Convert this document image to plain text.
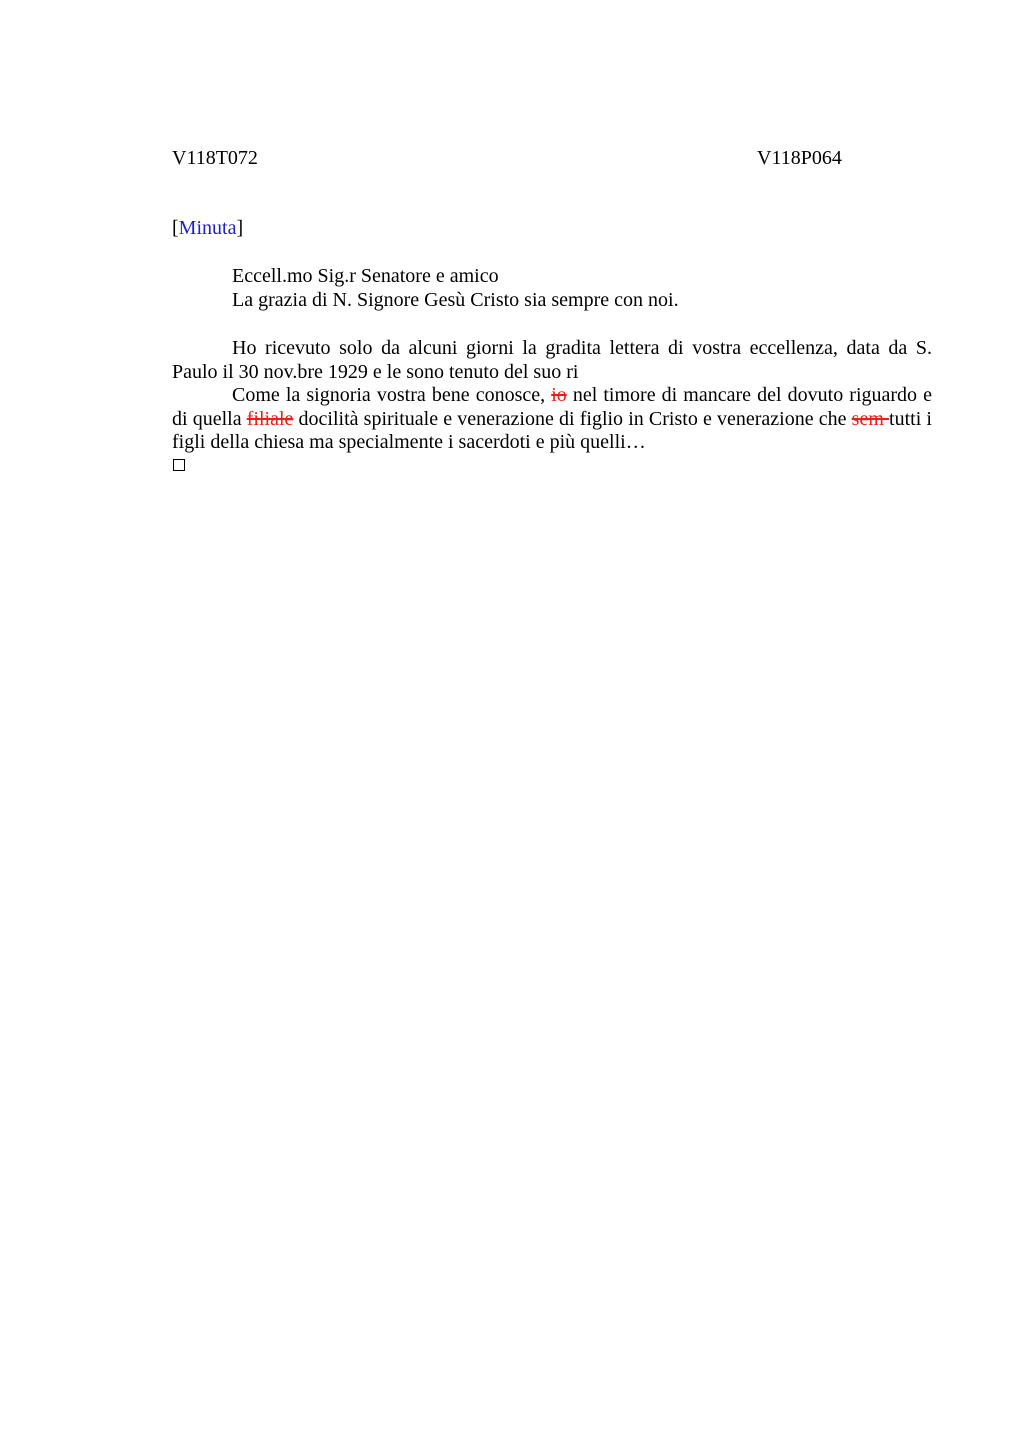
V118T072	V118P064
[Minuta]
Eccell.mo Sig.r Senatore e amico
La grazia di N. Signore Gesù Cristo sia sempre con noi.

Ho ricevuto solo da alcuni giorni la gradita lettera di vostra eccellenza, data da S. Paulo il 30 nov.bre 1929 e le sono tenuto del suo ri

Come la signoria vostra bene conosce, io nel timore di mancare del dovuto riguardo e di quella filiale docilità spirituale e venerazione di figlio in Cristo e venerazione che sem tutti i figli della chiesa ma specialmente i sacerdoti e più quelli…
